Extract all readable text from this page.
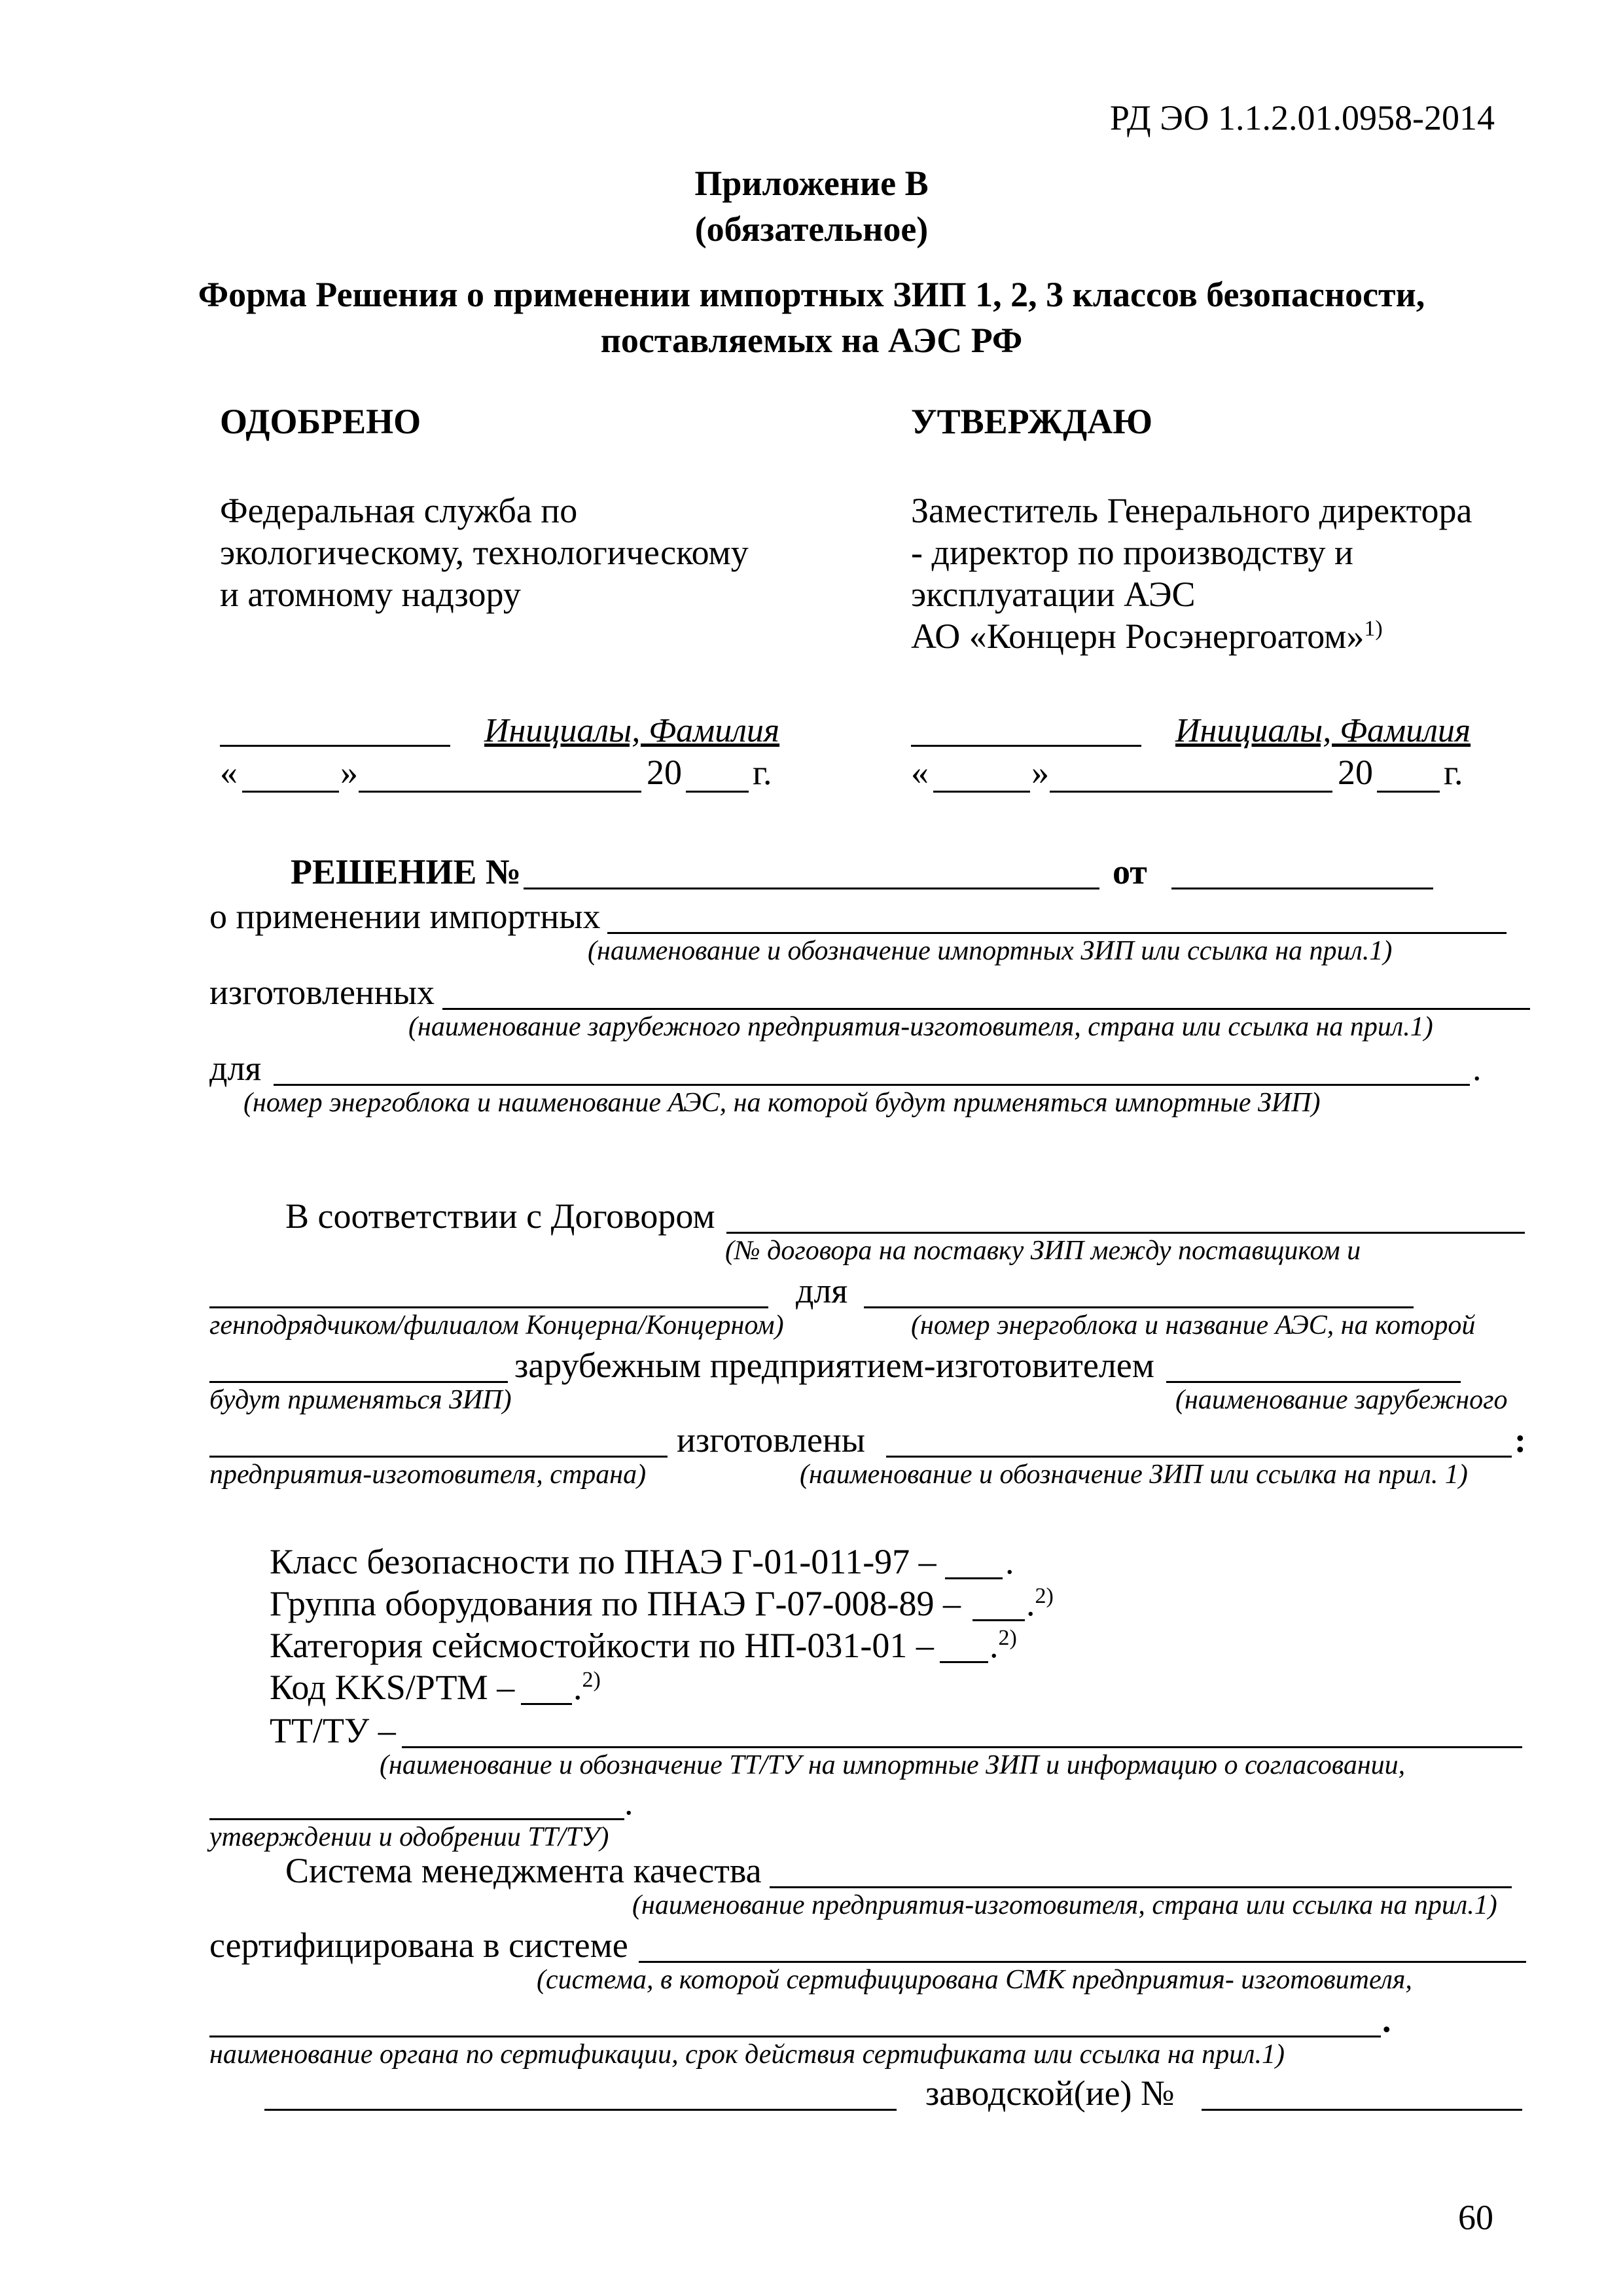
РД ЭО 1.1.2.01.0958-2014
Приложение В
(обязательное)
Форма Решения о применении импортных ЗИП 1, 2, 3 классов безопасности,
поставляемых на АЭС РФ
ОДОБРЕНО
Федеральная служба по
экологическому, технологическому
и атомному надзору
Инициалы, Фамилия
«	»	20 г.
УТВЕРЖДАЮ
Заместитель Генерального директора
- директор по производству и
эксплуатации АЭС
АО «Концерн Росэнергоатом»$^{1)}$
Инициалы, Фамилия
«	»	20 г.
РЕШЕНИЕ №	от
о применении импортных
(наименование и обозначение импортных ЗИП или ссылка на прил.1)
изготовленных
(наименование зарубежного предприятия-изготовителя, страна или ссылка на прил.1)
для	.
(номер энергоблока и наименование АЭС, на которой будут применяться импортные ЗИП)
В соответствии с Договором
(№ договора на поставку ЗИП между поставщиком и
для
генподрядчиком/филиалом Концерна/Концерном)	(номер энергоблока и название АЭС, на которой
зарубежным предприятием-изготовителем
будут применяться ЗИП)	(наименование зарубежного
изготовлены	:
предприятия-изготовителя, страна)	(наименование и обозначение ЗИП или ссылка на прил. 1)
Класс безопасности по ПНАЭ Г-01-011-97 – .
Группа оборудования по ПНАЭ Г-07-008-89 – .$^{2)}$
Категория сейсмостойкости по НП-031-01 – .$^{2)}$
Код KKS/РТМ – .$^{2)}$
ТТ/ТУ –
(наименование и обозначение ТТ/ТУ на импортные ЗИП и информацию о согласовании,
.
утверждении и одобрении ТТ/ТУ)
Система менеджмента качества
(наименование предприятия-изготовителя, страна или ссылка на прил.1)
сертифицирована в системе
(система, в которой сертифицирована СМК предприятия- изготовителя,
.
наименование органа по сертификации, срок действия сертификата или ссылка на прил.1)
заводской(ие) №
60
